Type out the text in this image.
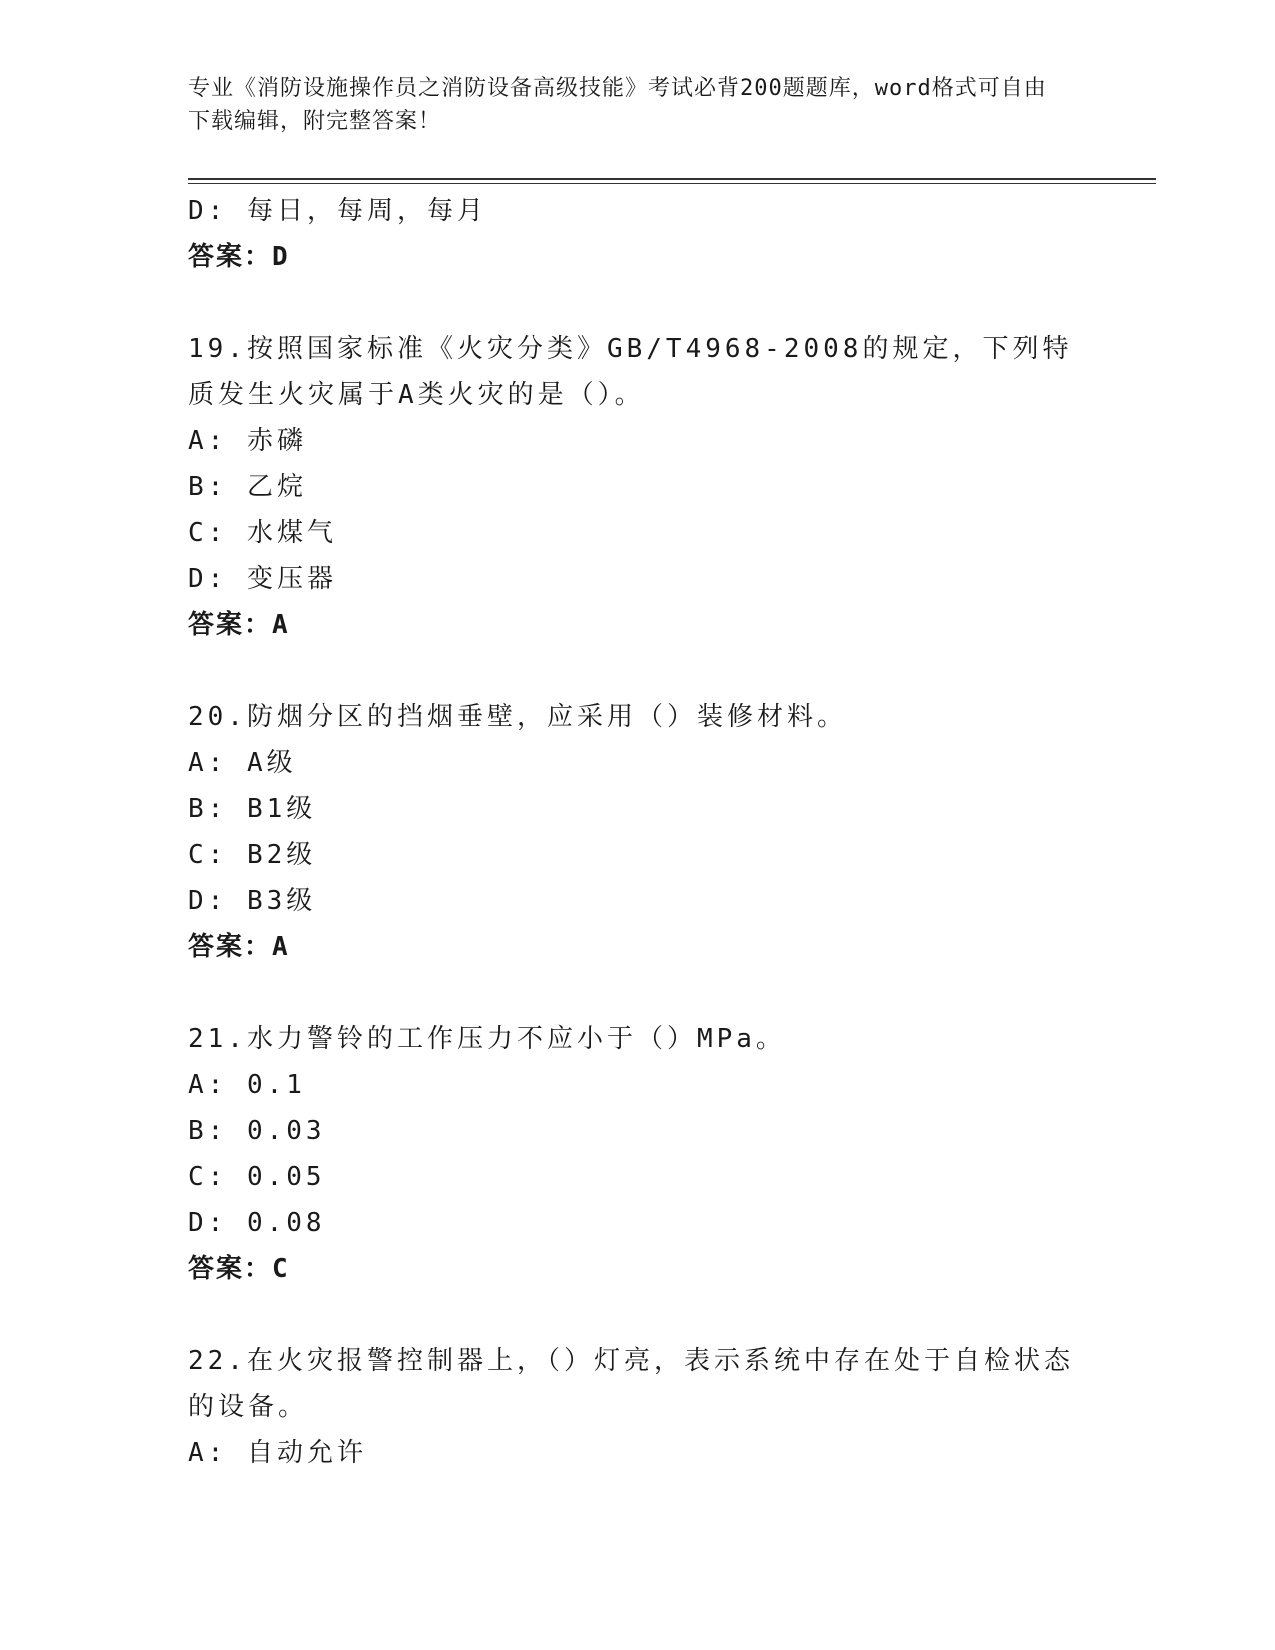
专业《消防设施操作员之消防设备高级技能》考试必背200题题库，word格式可自由下载编辑，附完整答案！
D: 每日，每周，每月
答案：D
19.按照国家标准《火灾分类》GB/T4968-2008的规定，下列特质发生火灾属于A类火灾的是（）。
A: 赤磷
B: 乙烷
C: 水煤气
D: 变压器
答案：A
20.防烟分区的挡烟垂壁，应采用（）装修材料。
A: A级
B: B1级
C: B2级
D: B3级
答案：A
21.水力警铃的工作压力不应小于（）MPa。
A: 0.1
B: 0.03
C: 0.05
D: 0.08
答案：C
22.在火灾报警控制器上，（）灯亮，表示系统中存在处于自检状态的设备。
A: 自动允许
